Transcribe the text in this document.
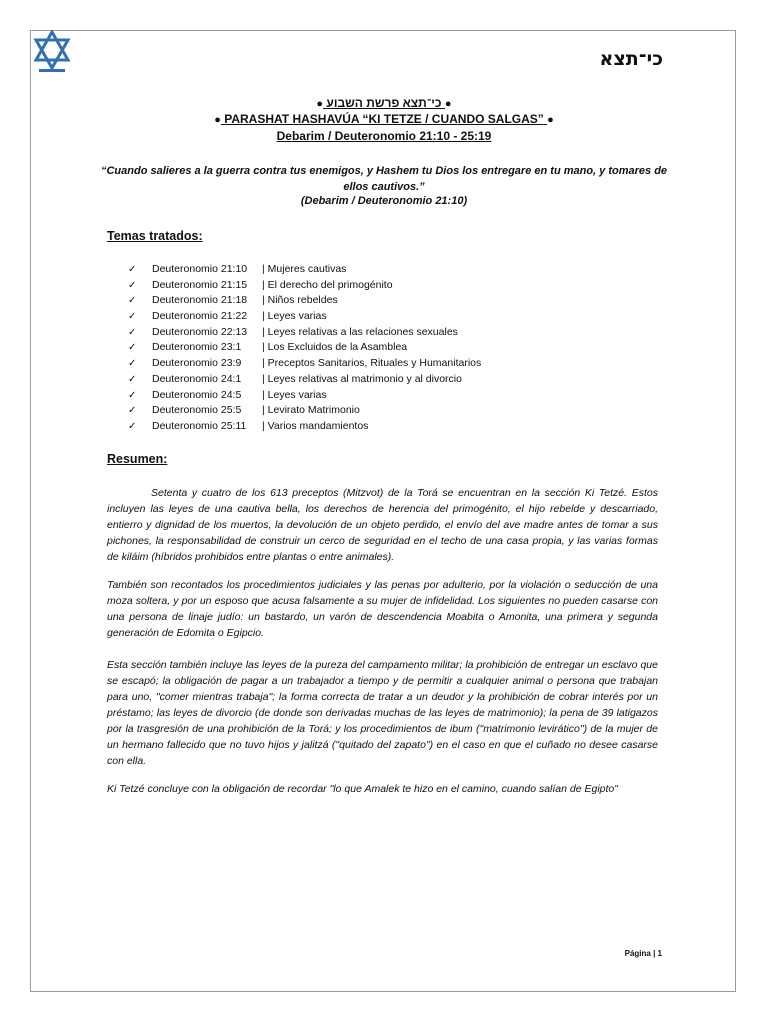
כי־תצא
● כי־תצא פרשת השבוע ●
● PARASHAT HASHAVÚA “KI TETZE / CUANDO SALGAS” ●
Debarim / Deuteronomio 21:10 - 25:19
“Cuando salieres a la guerra contra tus enemigos, y Hashem tu Dios los entregare en tu mano, y tomares de ellos cautivos.”
(Debarim / Deuteronomio 21:10)
Temas tratados:
✓	Deuteronomio 21:10	| Mujeres cautivas
✓	Deuteronomio 21:15	| El derecho del primogénito
✓	Deuteronomio 21:18	| Niños rebeldes
✓	Deuteronomio 21:22	| Leyes varias
✓	Deuteronomio 22:13	| Leyes relativas a las relaciones sexuales
✓	Deuteronomio 23:1	| Los Excluidos de la Asamblea
✓	Deuteronomio 23:9	| Preceptos Sanitarios, Rituales y Humanitarios
✓	Deuteronomio 24:1	| Leyes relativas al matrimonio y al divorcio
✓	Deuteronomio 24:5	| Leyes varias
✓	Deuteronomio 25:5	| Levirato Matrimonio
✓	Deuteronomio 25:11	| Varios mandamientos
Resumen:

Setenta y cuatro de los 613 preceptos (Mitzvot) de la Torá se encuentran en la sección Ki Tetzé. Estos incluyen las leyes de una cautiva bella, los derechos de herencia del primogénito, el hijo rebelde y descarriado, entierro y dignidad de los muertos, la devolución de un objeto perdido, el envío del ave madre antes de tomar a sus pichones, la responsabilidad de construir un cerco de seguridad en el techo de una casa propia, y las varias formas de kiláim (híbridos prohibidos entre plantas o entre animales).

También son recontados los procedimientos judiciales y las penas por adulterio, por la violación o seducción de una moza soltera, y por un esposo que acusa falsamente a su mujer de infidelidad. Los siguientes no pueden casarse con una persona de linaje judío: un bastardo, un varón de descendencia Moabita o Amonita, una primera y segunda generación de Edomita o Egipcio.

Esta sección también incluye las leyes de la pureza del campamento militar; la prohibición de entregar un esclavo que se escapó; la obligación de pagar a un trabajador a tiempo y de permitir a cualquier animal o persona que trabajan para uno, "comer mientras trabaja"; la forma correcta de tratar a un deudor y la prohibición de cobrar interés por un préstamo; las leyes de divorcio (de donde son derivadas muchas de las leyes de matrimonio); la pena de 39 latigazos por la trasgresión de una prohibición de la Torá; y los procedimientos de ibum ("matrimonio levirático") de la mujer de un hermano fallecido que no tuvo hijos y jalitzá ("quitado del zapato") en el caso en que el cuñado no desee casarse con ella.

Ki Tetzé concluye con la obligación de recordar "lo que Amalek te hizo en el camino, cuando salían de Egipto"

Página | 1
